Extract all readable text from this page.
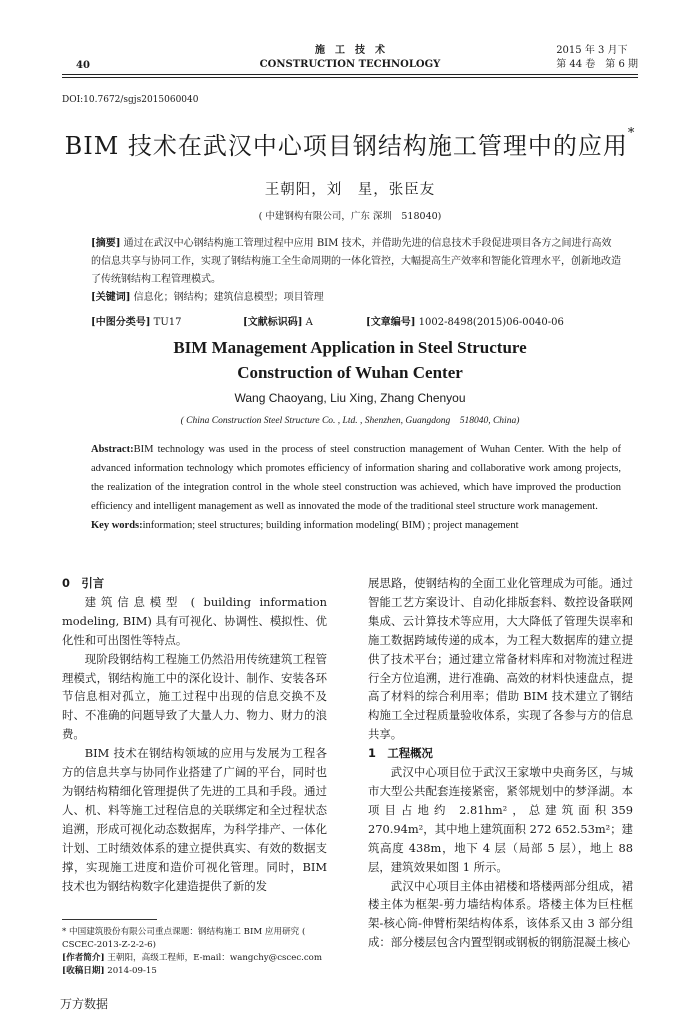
40
施　工　技　术
CONSTRUCTION TECHNOLOGY
2015 年 3 月下
第 44 卷　第 6 期
DOI:10.7672/sgjs2015060040
BIM 技术在武汉中心项目钢结构施工管理中的应用*
王朝阳，刘　星，张臣友
( 中建钢构有限公司，广东 深圳　518040)

[摘要] 通过在武汉中心钢结构施工管理过程中应用 BIM 技术，并借助先进的信息技术手段促进项目各方之间进行高效的信息共享与协同工作，实现了钢结构施工全生命周期的一体化管控，大幅提高生产效率和智能化管理水平，创新地改造了传统钢结构工程管理模式。

[关键词] 信息化；钢结构；建筑信息模型；项目管理

[中图分类号] TU17	[文献标识码] A	[文章编号] 1002-8498(2015)06-0040-06
BIM Management Application in Steel Structure
Construction of Wuhan Center
Wang Chaoyang, Liu Xing, Zhang Chenyou
( China Construction Steel Structure Co. , Ltd. , Shenzhen, Guangdong　518040, China)

Abstract:BIM technology was used in the process of steel construction management of Wuhan Center. With the help of advanced information technology which promotes efficiency of information sharing and collaborative work among projects, the realization of the integration control in the whole steel construction was achieved, which have improved the production efficiency and intelligent management as well as innovated the mode of the traditional steel structure work management.

Key words:information; steel structures; building information modeling( BIM) ; project management

0　引言

建筑信息模型 ( building information modeling, BIM) 具有可视化、协调性、模拟性、优化性和可出图性等特点。

现阶段钢结构工程施工仍然沿用传统建筑工程管理模式，钢结构施工中的深化设计、制作、安装各环节信息相对孤立，施工过程中出现的信息交换不及时、不准确的问题导致了大量人力、物力、财力的浪费。

BIM 技术在钢结构领域的应用与发展为工程各方的信息共享与协同作业搭建了广阔的平台，同时也为钢结构精细化管理提供了先进的工具和手段。通过人、机、料等施工过程信息的关联绑定和全过程状态追溯，形成可视化动态数据库，为科学排产、一体化计划、工时绩效体系的建立提供真实、有效的数据支撑，实现施工进度和造价可视化管理。同时，BIM 技术也为钢结构数字化建造提供了新的发

展思路，使钢结构的全面工业化管理成为可能。通过智能工艺方案设计、自动化排版套料、数控设备联网集成、云计算技术等应用，大大降低了管理失误率和施工数据跨域传递的成本，为工程大数据库的建立提供了技术平台；通过建立常备材料库和对物流过程进行全方位追溯，进行准确、高效的材料快速盘点，提高了材料的综合利用率；借助 BIM 技术建立了钢结构施工全过程质量验收体系，实现了各参与方的信息共享。

1　工程概况

武汉中心项目位于武汉王家墩中央商务区，与城市大型公共配套连接紧密，紧邻规划中的梦泽湖。本项目占地约 2.81hm²，总建筑面积359 270.94m²，其中地上建筑面积 272 652.53m²；建筑高度 438m，地下 4 层（局部 5 层），地上 88 层，建筑效果如图 1 所示。

武汉中心项目主体由裙楼和塔楼两部分组成，裙楼主体为框架-剪力墙结构体系。塔楼主体为巨柱框架-核心筒-伸臂桁架结构体系，该体系又由 3 部分组成：部分楼层包含内置型钢或钢板的钢筋混凝土核心

* 中国建筑股份有限公司重点课题：钢结构施工 BIM 应用研究 ( CSCEC-2013-Z-2-2-6)

[作者简介] 王朝阳，高级工程师，E-mail：wangchy@cscec.com

[收稿日期] 2014-09-15

万方数据
